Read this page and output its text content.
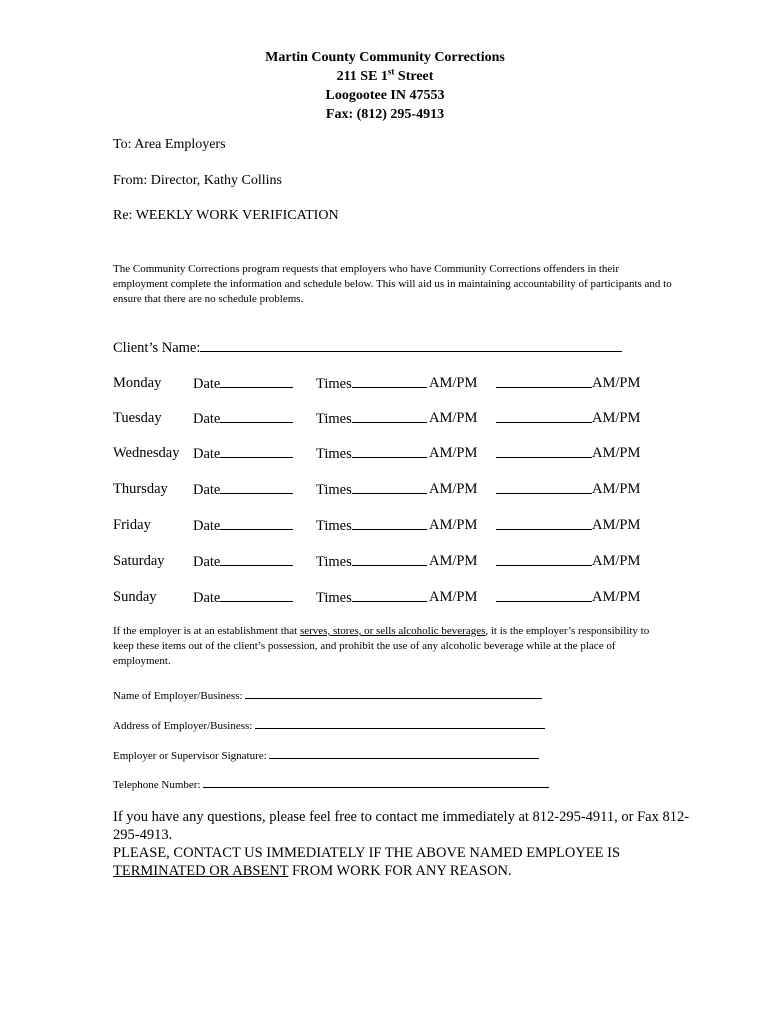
Martin County Community Corrections
211 SE 1st Street
Loogootee IN 47553
Fax: (812) 295-4913
To: Area Employers
From: Director, Kathy Collins
Re: WEEKLY WORK VERIFICATION
The Community Corrections program requests that employers who have Community Corrections offenders in their employment complete the information and schedule below. This will aid us in maintaining accountability of participants and to ensure that there are no schedule problems.
Client’s Name:
Monday Date	Times	AM/PM	AM/PM
Tuesday Date	Times	AM/PM	AM/PM
Wednesday Date	Times	AM/PM	AM/PM
Thursday Date	Times	AM/PM	AM/PM
Friday	Date	Times	AM/PM	AM/PM
Saturday Date	Times	AM/PM	AM/PM
Sunday	Date	Times	AM/PM	AM/PM
If the employer is at an establishment that serves, stores, or sells alcoholic beverages, it is the employer’s responsibility to keep these items out of the client’s possession, and prohibit the use of any alcoholic beverage while at the place of employment.
Name of Employer/Business:
Address of Employer/Business:
Employer or Supervisor Signature:
Telephone Number:
If you have any questions, please feel free to contact me immediately at 812-295-4911, or Fax 812-295-4913.
PLEASE, CONTACT US IMMEDIATELY IF THE ABOVE NAMED EMPLOYEE IS
TERMINATED OR ABSENT FROM WORK FOR ANY REASON.
